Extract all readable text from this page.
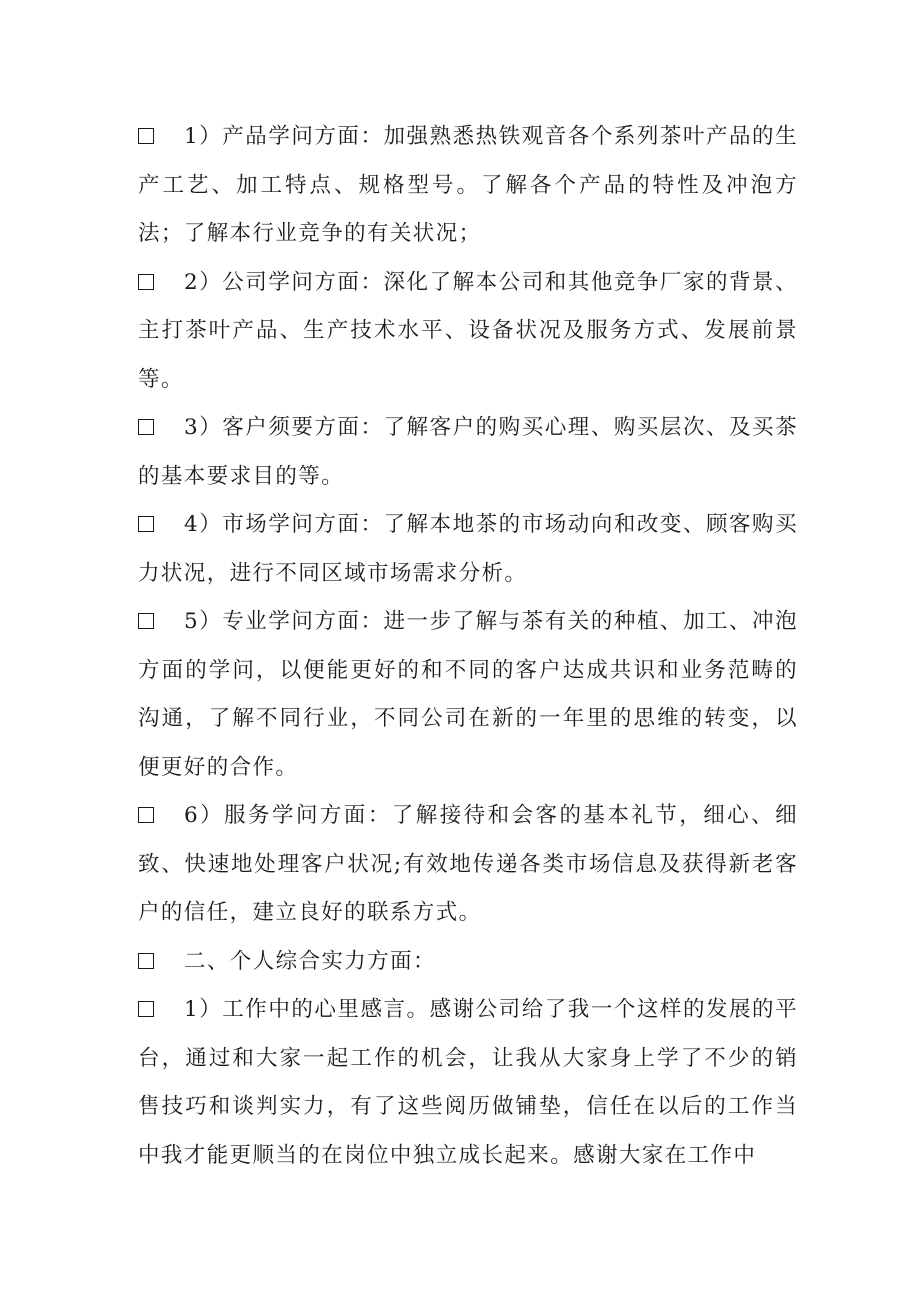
1）产品学问方面：加强熟悉热铁观音各个系列茶叶产品的生产工艺、加工特点、规格型号。了解各个产品的特性及冲泡方法；了解本行业竞争的有关状况；

2）公司学问方面：深化了解本公司和其他竞争厂家的背景、主打茶叶产品、生产技术水平、设备状况及服务方式、发展前景等。

3）客户须要方面：了解客户的购买心理、购买层次、及买茶的基本要求目的等。

4）市场学问方面：了解本地茶的市场动向和改变、顾客购买力状况，进行不同区域市场需求分析。

5）专业学问方面：进一步了解与茶有关的种植、加工、冲泡方面的学问，以便能更好的和不同的客户达成共识和业务范畴的沟通，了解不同行业，不同公司在新的一年里的思维的转变，以便更好的合作。

6）服务学问方面：了解接待和会客的基本礼节，细心、细致、快速地处理客户状况;有效地传递各类市场信息及获得新老客户的信任，建立良好的联系方式。

二、个人综合实力方面：

1）工作中的心里感言。感谢公司给了我一个这样的发展的平台，通过和大家一起工作的机会，让我从大家身上学了不少的销售技巧和谈判实力，有了这些阅历做铺垫，信任在以后的工作当中我才能更顺当的在岗位中独立成长起来。感谢大家在工作中
